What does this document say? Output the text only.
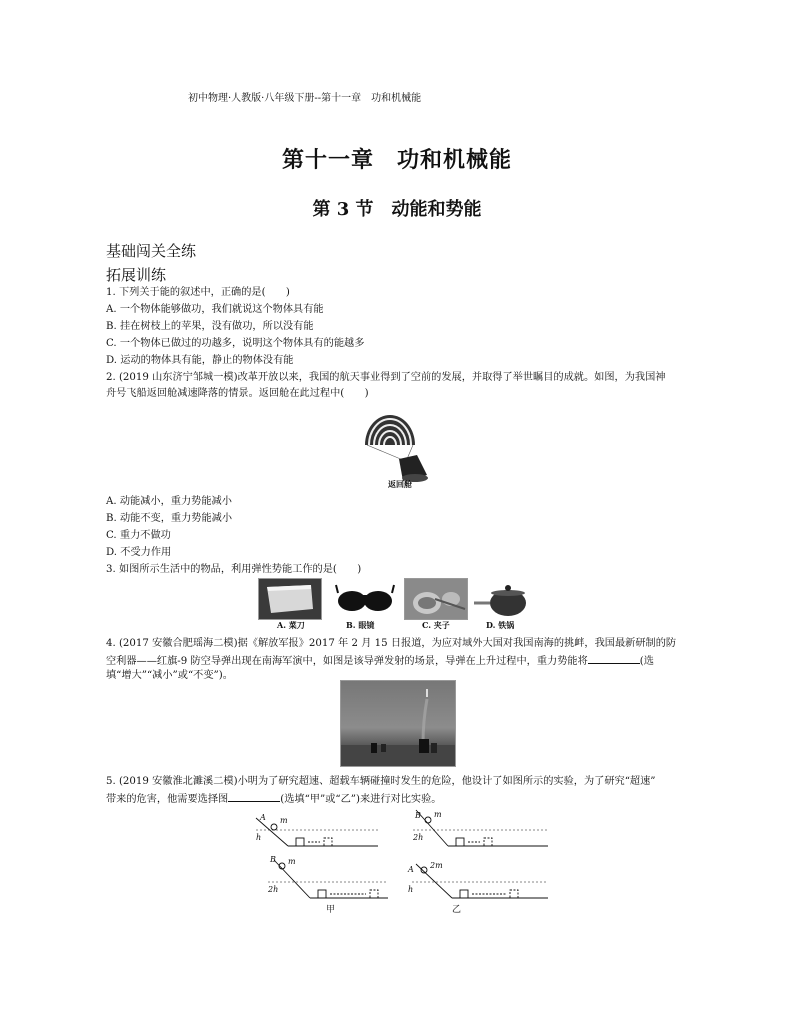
初中物理·人教版·八年级下册--第十一章　功和机械能
第十一章　功和机械能
第 3 节　动能和势能
基础闯关全练
拓展训练
1. 下列关于能的叙述中，正确的是(　　)
A. 一个物体能够做功，我们就说这个物体具有能
B. 挂在树枝上的苹果，没有做功，所以没有能
C. 一个物体已做过的功越多，说明这个物体具有的能越多
D. 运动的物体具有能，静止的物体没有能
2. (2019 山东济宁邹城一模)改革开放以来，我国的航天事业得到了空前的发展，并取得了举世瞩目的成就。如图，为我国神
舟号飞船返回舱减速降落的情景。返回舱在此过程中(　　)
返回舱
A. 动能减小，重力势能减小
B. 动能不变，重力势能减小
C. 重力不做功
D. 不受力作用
3. 如图所示生活中的物品，利用弹性势能工作的是(　　)
A. 菜刀	B. 眼镜	C. 夹子	D. 铁锅
4. (2017 安徽合肥瑶海二模)据《解放军报》2017 年 2 月 15 日报道，为应对域外大国对我国南海的挑衅，我国最新研制的防
空利器——红旗-9 防空导弹出现在南海军演中，如图是该导弹发射的场景，导弹在上升过程中，重力势能将	(选
填“增大”“减小”或“不变”)。
5. (2019 安徽淮北濉溪二模)小明为了研究超速、超载车辆碰撞时发生的危险，他设计了如图所示的实验，为了研究“超速”
带来的危害，他需要选择图	(选填“甲”或“乙”)来进行对比实验。
A
h
m
B
2h
m
B
2h
m
A
h
2m
甲	乙
